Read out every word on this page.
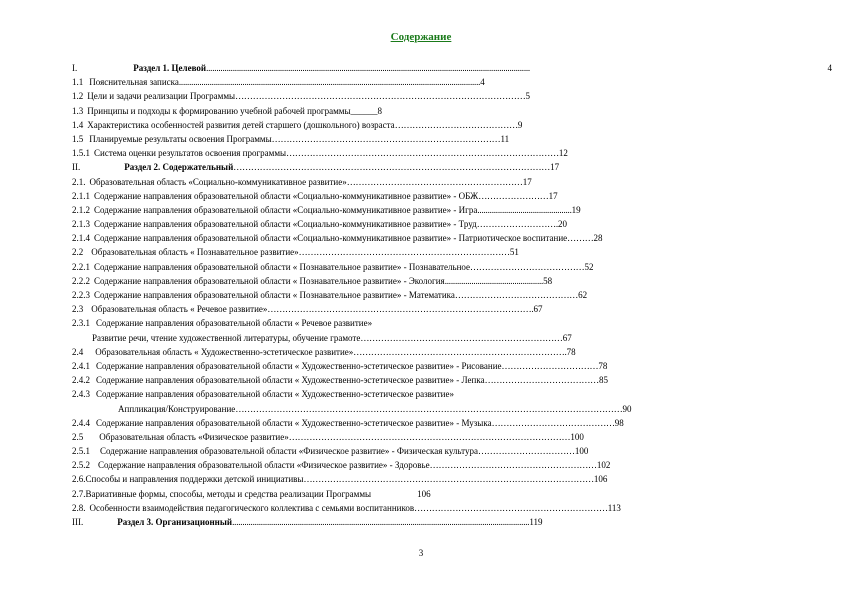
Содержание
I.	Раздел 1. Целевой..............................................................................................................................................................	4
1.1 Пояснительная записка...................................................................................................................................................4
1.2 Цели и задачи реализации Программы………………………………………………………………………………………5
1.3 Принципы и подходы к формированию учебной рабочей программы______8
1.4 Характеристика особенностей развития детей старшего (дошкольного) возраста……………………………………9
1.5 Планируемые результаты освоения Программы……………………………………………………………………11
1.5.1 Система оценки результатов освоения программы…………………………………………………………………………………12
II.	Раздел 2. Содержательный………………………………………………………………………………………………17
2.1. Образовательная область «Социально-коммуникативное развитие»……………………………………………………17
2.1.1 Содержание направления образовательной области «Социально-коммуникативное развитие» - ОБЖ……………………17
2.1.2 Содержание направления образовательной области «Социально-коммуникативное развитие» - Игра..............................................19
2.1.3 Содержание направления образовательной области «Социально-коммуникативное развитие» - Труд……………………….20
2.1.4 Содержание направления образовательной области «Социально-коммуникативное развитие» - Патриотическое воспитание………28
2.2 Образовательная область « Познавательное развитие»………………………………………………………………51
2.2.1 Содержание направления образовательной области « Познавательное развитие» - Познавательное…………………………………52
2.2.2 Содержание направления образовательной области « Познавательное развитие» - Экология................................................58
2.2.3 Содержание направления образовательной области « Познавательное развитие» - Математика……………………………………62
2.3 Образовательная область « Речевое развитие»……………………………………………………………………………….67
2.3.1 Содержание направления образовательной области « Речевое развитие»
Развитие речи, чтение художественной литературы, обучение грамоте……………………………………………………………67
2.4 Образовательная область « Художественно-эстетическое развитие»……………………………………………………………….78
2.4.1 Содержание направления образовательной области « Художественно-эстетическое развитие» - Рисование……………………………78
2.4.2 Содержание направления образовательной области « Художественно-эстетическое развитие» - Лепка…………………………………85
2.4.3 Содержание направления образовательной области « Художественно-эстетическое развитие»
Аппликация/Конструирование……………………………………………………………………………………………………………………90
2.4.4 Содержание направления образовательной области « Художественно-эстетическое развитие» - Музыка……………………………………98
2.5 Образовательная область «Физическое развитие»……………………………………………………………………………………100
2.5.1 Содержание направления образовательной области «Физическое развитие» - Физическая культура……………………………100
2.5.2 Содержание направления образовательной области «Физическое развитие» - Здоровье…………………………………………………102
2.6.Способы и направления поддержки детской инициативы………………………………………………………………………………………106
2.7.Вариативные формы, способы, методы и средства реализации Программы	106
2.8. Особенности взаимодействия педагогического коллектива с семьями воспитанников…………………………………………………………113
III.	Раздел 3. Организационный.................................................................................................................................................119
3
